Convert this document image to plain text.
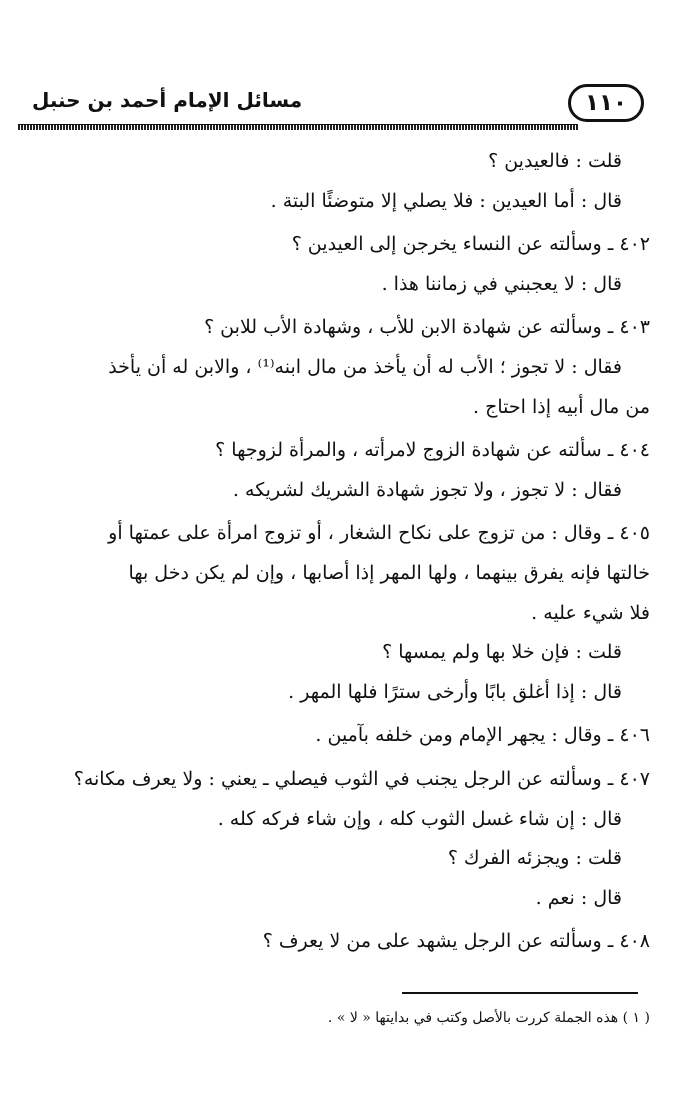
١١٠
مسائل الإمام أحمد بن حنبل
قلت : فالعيدين ؟
قال : أما العيدين : فلا يصلي إلا متوضئًا البتة .
٤٠٢ ـ وسألته عن النساء يخرجن إلى العيدين ؟
قال : لا يعجبني في زماننا هذا .
٤٠٣ ـ وسألته عن شهادة الابن للأب ، وشهادة الأب للابن ؟
فقال : لا تجوز ؛ الأب له أن يأخذ من مال ابنه⁽¹⁾ ، والابن له أن يأخذ
من مال أبيه إذا احتاج .
٤٠٤ ـ سألته عن شهادة الزوج لامرأته ، والمرأة لزوجها ؟
فقال : لا تجوز ، ولا تجوز شهادة الشريك لشريكه .
٤٠٥ ـ وقال : من تزوج على نكاح الشغار ، أو تزوج امرأة على عمتها أو
خالتها فإنه يفرق بينهما ، ولها المهر إذا أصابها ، وإن لم يكن دخل بها
فلا شيء عليه .
قلت : فإن خلا بها ولم يمسها ؟
قال : إذا أغلق بابًا وأرخى سترًا فلها المهر .
٤٠٦ ـ وقال : يجهر الإمام ومن خلفه بآمين .
٤٠٧ ـ وسألته عن الرجل يجنب في الثوب فيصلي ـ يعني : ولا يعرف مكانه؟
قال : إن شاء غسل الثوب كله ، وإن شاء فركه كله .
قلت : ويجزئه الفرك ؟
قال : نعم .
٤٠٨ ـ وسألته عن الرجل يشهد على من لا يعرف ؟
( ١ ) هذه الجملة كررت بالأصل وكتب في بدايتها « لا » .
